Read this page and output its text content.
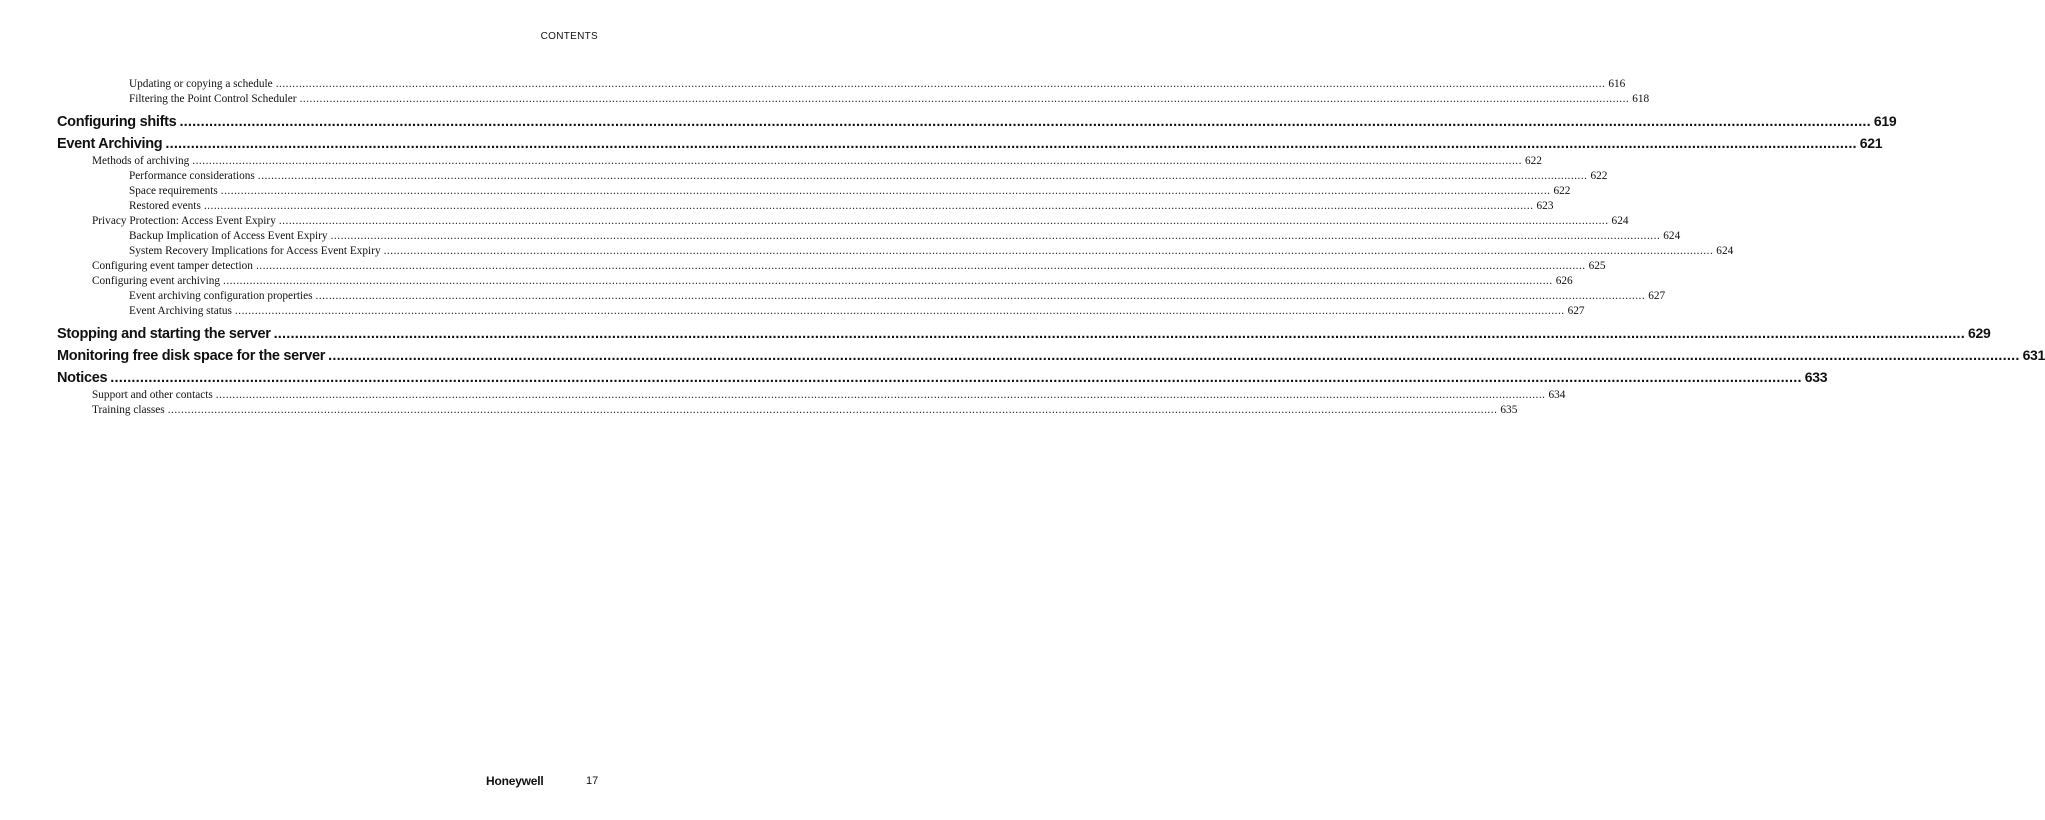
CONTENTS
Updating or copying a schedule ................................................................................................................................................................................................................................................................................................................................................................................................................ 616
Filtering the Point Control Scheduler ................................................................................................................................................................................................................................................................................................................................................................................................................ 618
Configuring shifts ................................................................................................................................................................................................................................................................................................................................................................................................................ 619
Event Archiving ................................................................................................................................................................................................................................................................................................................................................................................................................ 621
Methods of archiving ................................................................................................................................................................................................................................................................................................................................................................................................................ 622
Performance considerations ................................................................................................................................................................................................................................................................................................................................................................................................................ 622
Space requirements ................................................................................................................................................................................................................................................................................................................................................................................................................ 622
Restored events ................................................................................................................................................................................................................................................................................................................................................................................................................ 623
Privacy Protection: Access Event Expiry ................................................................................................................................................................................................................................................................................................................................................................................................................ 624
Backup Implication of Access Event Expiry ................................................................................................................................................................................................................................................................................................................................................................................................................ 624
System Recovery Implications for Access Event Expiry ................................................................................................................................................................................................................................................................................................................................................................................................................ 624
Configuring event tamper detection ................................................................................................................................................................................................................................................................................................................................................................................................................ 625
Configuring event archiving ................................................................................................................................................................................................................................................................................................................................................................................................................ 626
Event archiving configuration properties ................................................................................................................................................................................................................................................................................................................................................................................................................ 627
Event Archiving status ................................................................................................................................................................................................................................................................................................................................................................................................................ 627
Stopping and starting the server ................................................................................................................................................................................................................................................................................................................................................................................................................ 629
Monitoring free disk space for the server ................................................................................................................................................................................................................................................................................................................................................................................................................ 631
Notices ................................................................................................................................................................................................................................................................................................................................................................................................................ 633
Support and other contacts ................................................................................................................................................................................................................................................................................................................................................................................................................ 634
Training classes ................................................................................................................................................................................................................................................................................................................................................................................................................ 635
Honeywell	17
